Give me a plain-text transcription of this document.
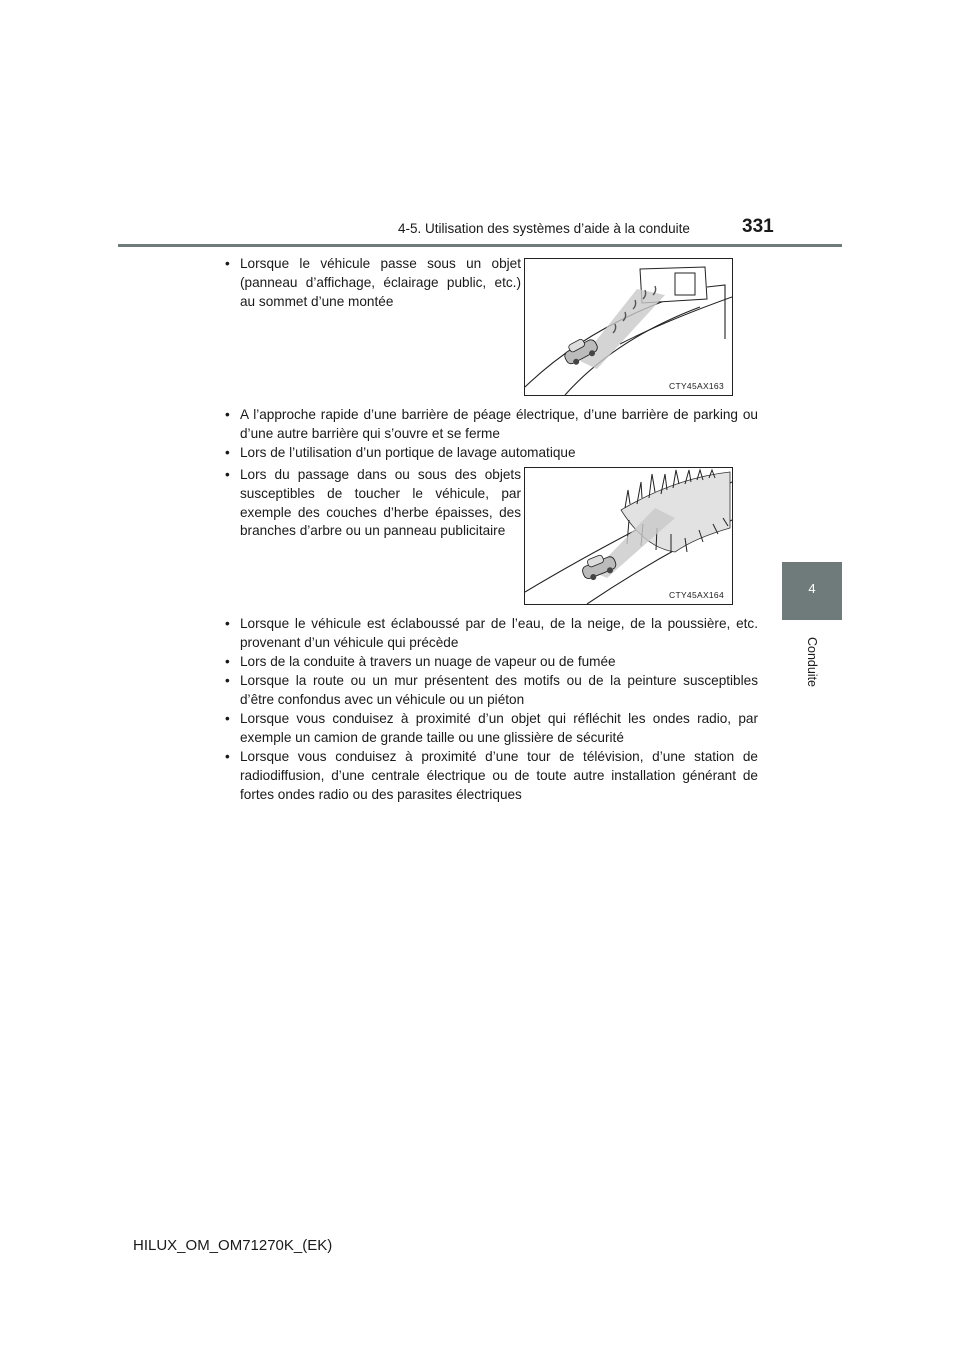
4-5. Utilisation des systèmes d’aide à la conduite	331
4
Conduite
• Lorsque le véhicule passe sous un objet (panneau d’affichage, éclairage public, etc.) au sommet d’une montée
CTY45AX163
• A l’approche rapide d’une barrière de péage électrique, d’une barrière de parking ou d’une autre barrière qui s’ouvre et se ferme
• Lors de l’utilisation d’un portique de lavage automatique
• Lors du passage dans ou sous des objets susceptibles de toucher le véhicule, par exemple des couches d’herbe épaisses, des branches d’arbre ou un panneau publicitaire
CTY45AX164
• Lorsque le véhicule est éclaboussé par de l’eau, de la neige, de la poussière, etc. provenant d’un véhicule qui précède
• Lors de la conduite à travers un nuage de vapeur ou de fumée
• Lorsque la route ou un mur présentent des motifs ou de la peinture susceptibles d’être confondus avec un véhicule ou un piéton
• Lorsque vous conduisez à proximité d’un objet qui réfléchit les ondes radio, par exemple un camion de grande taille ou une glissière de sécurité
• Lorsque vous conduisez à proximité d’une tour de télévision, d’une station de radiodiffusion, d’une centrale électrique ou de toute autre installation générant de fortes ondes radio ou des parasites électriques
HILUX_OM_OM71270K_(EK)
